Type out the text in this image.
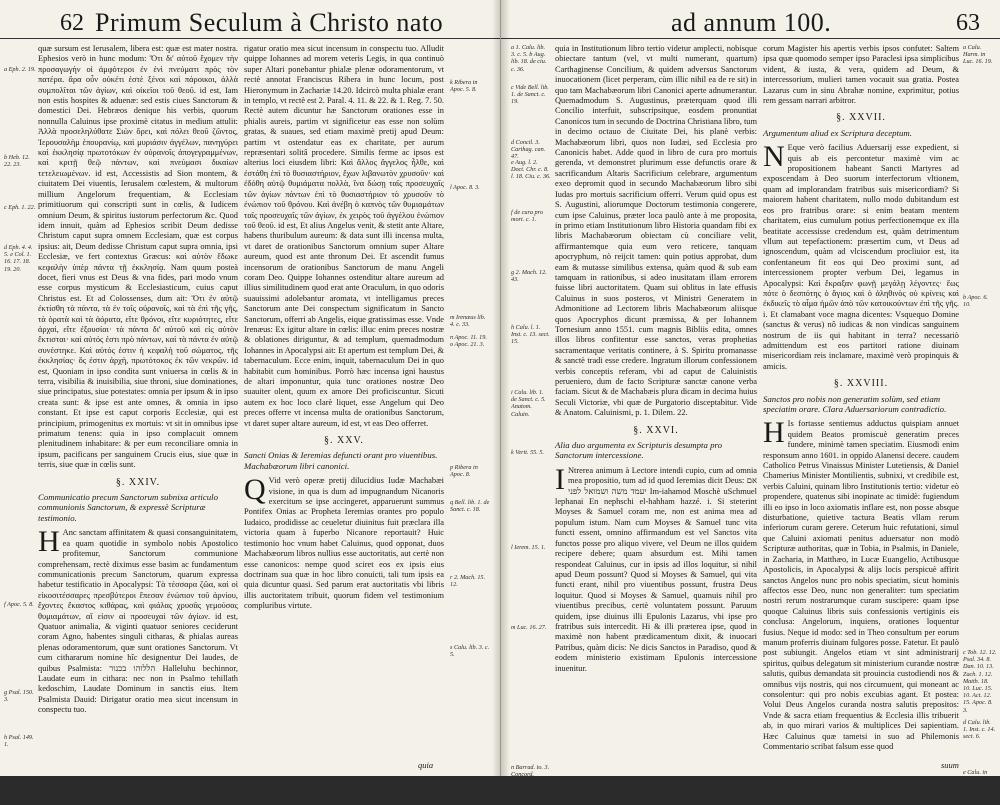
62 Primum Seculum à Christo nato
a Eph. 2. 19.
b Heb. 12. 22. 23.
c Eph. 1. 22.
d Eph. 4. 4. 5. e Col. 1. 16. 17. 18. 19. 20.
f Apoc. 5. 8.
g Psal. 150. 3.
h Psal. 149. 1.
i Psal. 141. 2.

quæ sursum est Ierusalem, libera est: quæ est mater nostra. Ephesios verò in hunc modum: Ὅτι δι' αὐτοῦ ἔχομεν τὴν προσαγωγὴν οἱ ἀμφότεροι ἐν ἑνὶ πνεύματι πρὸς τὸν πατέρα. ἄρα οὖν οὐκέτι ἐστὲ ξένοι καὶ πάροικοι, ἀλλὰ συμπολῖται τῶν ἁγίων, καὶ οἰκεῖοι τοῦ θεοῦ. id est, Iam non estis hospites & aduenæ: sed estis ciues Sanctorum & domestici Dei. Hebræos denique his verbis, quorum nonnulla Caluinus ipse proximè citatus in medium attulit: Ἀλλὰ προσεληλύθατε Σιὼν ὄρει, καὶ πόλει θεοῦ ζῶντος, Ἱερουσαλὴμ ἐπουρανίῳ, καὶ μυριάσιν ἀγγέλων, πανηγύρει καὶ ἐκκλησίᾳ πρωτοτόκων ἐν οὐρανοῖς ἀπογεγραμμένων, καὶ κριτῇ θεῷ πάντων, καὶ πνεύμασι δικαίων τετελειωμένων. id est, Accessistis ad Sion montem, & ciuitatem Dei viuentis, Ierusalem cœlestem, & multorum millium Angelorum frequentiam, & Ecclesiam primitiuorum qui conscripti sunt in cœlis, & Iudicem omnium Deum, & spiritus iustorum perfectorum &c. Quod idem innuit, quàm ad Ephesios scribit Deum dedisse Christum caput supra omnem Ecclesiam, quæ est corpus ipsius: ait, Deum dedisse Christum caput supra omnia, ipsi Ecclesiæ, ve fert contextus Græcus: καὶ αὐτὸν ἔδωκε κεφαλὴν ὑπὲρ πάντα τῇ ἐκκλησίᾳ. Nam quum posteà docet, fieri vnus est Deus & vna fides, pari modo vnum esse corpus mysticum & Ecclesiasticum, cuius caput Christus est. Et ad Colossenses, dum ait: Ὅτι ἐν αὐτῷ ἐκτίσθη τὰ πάντα, τὰ ἐν τοῖς οὐρανοῖς, καὶ τὰ ἐπὶ τῆς γῆς, τὰ ὁρατὰ καὶ τὰ ἀόρατα, εἴτε θρόνοι, εἴτε κυριότητες, εἴτε ἀρχαὶ, εἴτε ἐξουσίαι· τὰ πάντα δι' αὐτοῦ καὶ εἰς αὐτὸν ἔκτισται· καὶ αὐτός ἐστι πρὸ πάντων, καὶ τὰ πάντα ἐν αὐτῷ συνέστηκε. Καὶ αὐτός ἐστιν ἡ κεφαλὴ τοῦ σώματος, τῆς ἐκκλησίας· ὅς ἐστιν ἀρχὴ, πρωτότοκος ἐκ τῶν νεκρῶν. id est, Quoniam in ipso condita sunt vniuersa in cœlis & in terra, visibilia & inuisibilia, siue throni, siue dominationes, siue principatus, siue potestates: omnia per ipsum & in ipso creata sunt: & ipse est ante omnes, & omnia in ipso constant. Et ipse est caput corporis Ecclesiæ, qui est principium, primogenitus ex mortuis: vt sit in omnibus ipse primatum tenens: quia in ipso complacuit omnem plenitudinem inhabitare: & per eum reconciliare omnia in ipsum, pacificans per sanguinem Crucis eius, siue quæ in terris, siue quæ in cœlis sunt.

§. XXIV.
Communicatio precum Sanctorum subnixa articulo communionis Sanctorum, & expressè Scripturæ testimonio.

H Anc sanctam affinitatem & quasi consanguinitatem, ea quam quotidie in symbolo nobis Apostolico profitemur, Sanctorum communione comprehensam, rectè diximus esse basim ac fundamentum communicationis precum Sanctorum, quarum expressa habetur testificatio in Apocalypsi: Τὰ τέσσαρα ζῶα, καὶ οἱ εἰκοσιτέσσαρες πρεσβύτεροι ἔπεσαν ἐνώπιον τοῦ ἀρνίου, ἔχοντες ἕκαστος κιθάρας, καὶ φιάλας χρυσᾶς γεμούσας θυμιαμάτων, αἵ εἰσιν αἱ προσευχαὶ τῶν ἁγίων. id est, Quatuor animalia, & viginti quatuor seniores ceciderunt coram Agno, habentes singuli citharas, & phialas aureas plenas odoramentorum, quæ sunt orationes Sanctorum. Vt cum cithararum nomine hîc designentur Dei laudes, de quibus Psalmista: הללוהו בכנור Halleluhu bechinnor, Laudate eum in cithara: nec non in Psalmo tehillath kedoschim, Laudate Dominum in sanctis eius. Item Psalmista Dauid: Dirigatur oratio mea sicut incensum in conspectu tuo.

rigatur oratio mea sicut incensum in conspectu tuo. Alludit quippe Iohannes ad morem veteris Legis, in qua continuò super Altari ponebantur phialæ plenæ odoramentorum, vt rectè annotat Franciscus Ribera in hunc locum, post Hieronymum in Zachariæ 14.20. Idcircò multa phialæ erant in templo, vt rectè est 2. Paral. 4. 11. & 22. & 1. Reg. 7. 50. Rectè autem dicuntur hæ Sanctorum orationes esse in phialis aureis, partim vt significetur eas esse non solùm gratas, & suaues, sed etiam maximè pretij apud Deum: partim vt ostendatur eas ex charitate, per aurum repræsentari solitâ procedere. Similis ferme ac ipsos est alterius loci eiusdem libri: Καὶ ἄλλος ἄγγελος ἦλθε, καὶ ἐστάθη ἐπὶ τὸ θυσιαστήριον, ἔχων λιβανωτὸν χρυσοῦν· καὶ ἐδόθη αὐτῷ θυμιάματα πολλὰ, ἵνα δώσῃ ταῖς προσευχαῖς τῶν ἁγίων πάντων ἐπὶ τὸ θυσιαστήριον τὸ χρυσοῦν τὸ ἐνώπιον τοῦ θρόνου. Καὶ ἀνέβη ὁ καπνὸς τῶν θυμιαμάτων ταῖς προσευχαῖς τῶν ἁγίων, ἐκ χειρὸς τοῦ ἀγγέλου ἐνώπιον τοῦ θεοῦ. id est, Et alius Angelus venit, & stetit ante Altare, habens thuribulum aureum: & data sunt illi incensa multa, vt daret de orationibus Sanctorum omnium super Altare aureum, quod est ante thronum Dei. Et ascendit fumus incensorum de orationibus Sanctorum de manu Angeli coram Deo. Quippe Iohannes ostenditur altare aureum ad illius similitudinem quod erat ante Oraculum, in quo odoris suauissimi adolebantur aromata, vt intelligamus preces Sanctorum ante Dei conspectum significatum in Sancto Sanctorum, offerri ab Angelis, eique gratissimas esse. Vnde Irenæus: Ex igitur altare in cœlis: illuc enim preces nostræ & oblationes diriguntur, & ad templum, quemadmodum Iohannes in Apocalypsi ait: Et apertum est templum Dei, & tabernaculum. Ecce enim, inquit, tabernaculum Dei in quo habitabit cum hominibus. Porrò hæc incensa igni haustus de altari imponuntur, quia tunc orationes nostræ Deo suauiter olent, quum ex amore Dei proficiscuntur. Sicuti autem ex hoc loco clarè liquet, esse Angelum qui Deo preces offerre vt incensa multa de orationibus Sanctorum, vt daret super altare aureum, id est, vt eas Deo offerret.

§. XXV.
Sancti Onias & Ieremias defuncti orant pro viuentibus. Machabæorum libri canonici.

Q Vid verò operæ pretij dilucidius Iudæ Machabæi visione, in qua is dum ad impugnandum Nicanoris exercitum se ipse accingeret, apparuerunt summus Pontifex Onias ac Propheta Ieremias orantes pro populo Iudaico, prodidisse ac ceueletur diuinitus fuit præclara illa victoria quam à fuperbo Nicanore reportauit? Huic testimonio hoc vnum habet Caluinus, quod opponat, duos Machabæorum libros nullius esse auctoritatis, aut certè non esse canonicos: nempe quod sciret eos ex ipsis eius doctrinam sua quæ in hoc libro conuicti, tali tum ipsis ea quia dicuntur quasi. Sed parum erat auctoritatis vbi libris illis auctoritatem tribuit, quorum fidem vel testimonium compluribus virtute.

k Ribera in Apoc. 5. 8.
l Apoc. 8. 3.
m Irenæus lib. 4. c. 33.
n Apoc. 11. 19. o Apoc. 21. 3.
p Ribera in Apoc. 8.
q Bell. lib. 1. de Sanct. c. 18.
r 2. Mach. 15. 12.
s Calu. lib. 3. c. 5.
quia
ad annum 100.	63
a 1. Calu. lib. 3. c. 5. b Aug. lib. 18. de ciu. c. 36.
c Vide Bell. lib. 1. de Sanct. c. 19.
d Concil. 3. Carthag. can. 47.
e Aug. l. 2. Doct. Chr. c. 8. l. 18. Ciu. c. 36.
f de cura pro mort. c. 1.
g 2. Mach. 12. 43.
h Calu. l. 1. Inst. c. 13. sect. 15.
i Calu. lib. 1. de Sanct. c. 5. Anatom. Caluin.
k Verit. 55. 5.
l Ierem. 15. 1.
m Luc. 16. 27.
n Barrad. to. 3. Concord. Euang. l. 4. c. 9.

quia in Institutionum libro tertio videtur amplecti, nobisque obiectare tantum (vel, vt multi numerant, quartum) Carthaginense Concilium, & quidem adversus Sanctorum inuocationem (licet perperam, cùm illic nihil ea de re sit) in quo tam Machabæorum libri Canonici aperte adnumerantur. Quemadmodum S. Augustinus, præterquam quod illi Concilio interfuit, subscripsitque, eosdem pronuntiat Canonicos tum in secundo de Doctrina Christiana libro, tum in decimo octauo de Ciuitate Dei, his planè verbis: Machabæorum libri, quos non Iudæi, sed Ecclesia pro Canonicis habet. Adde quod in libro de cura pro mortuis gerenda, vt demonstret plurimum esse defunctis orare & sacrificandum Altaris Sacrificium celebrare, argumentum exeo depromit quod in secundo Machabæorum libro sibi Iudas pro mortuis sacrificium offerri. Verum quid opus est S. Augustini, aliorumque Doctorum testimonia congerere, cum ipse Caluinus, præter loca paulò ante à me proposita, in primo etiam Institutionum libro Historia quandam fibi ex libris Machabæorum obiectam cù conciliare velit, affirmantemque quia eum vero reticere, tanquam apocryphum, nò reijcit tamen: quin potius approbat, dum eam & mutasse similibus extensa, quàm quod & sub eam tamquam in rationibus, si adeo inusitatam illam errorem fuisse libri auctoritatem. Quam sui oblitus in late effusis Caluinus in suos posteros, vt Ministri Generatem in Admonitione ad Lectorem libris Machabæorum aliisque quos Apocryphos dicunt præmissa, & per Iohannem Tornesium anno 1551. cum magnis Bibliis edita, omnes illos libros confitentur esse sanctos, veras prophetias sacramentaque veritatis continere, à S. Spiritu promanasse & sanctè tradi esse credere. Ingratum illorum confessionem verbis conceptis referam, vbi ad caput de Caluinistis perueniero, dum de facto Scripturæ sanctæ canone verba faciam. Sicut & de Machabæis plura dicam in decima huius Seculi Victoriæ, vbi quæ de Purgatorio disceptabitur. Vide & Anatom. Caluinismi, p. 1. Dilem. 22.

§. XXVI.
Alia duo argumenta ex Scripturis desumpta pro Sanctorum intercessione.

I Ntrerea animum à Lectore intendi cupio, cum ad omnia mea propositio, tum ad id quod Ieremias dicit Deus: אם יעמד משה ושמואל לפני Im-iahamod Moschè uSchmuel lephanai En nephschi el-hahham hazzé. i. Si steterint Moyses & Samuel coram me, non est anima mea ad populum istum. Nam cum Moyses & Samuel tunc vita functi essent, omnino affirmandum est vel Sanctos vita functos posse pro aliquo vivere, vel Deum ne illos quidem recipere debere; quam absurdum est. Mihi tamen respondeat Caluinus, cur in ipsis ad illos loquitur, si nihil apud Deum possunt? Quod si Moyses & Samuel, qui vita functi erant, nihil pro viuentibus possunt, frustra Deus loquitur. Quod si Moyses & Samuel, quamuis nihil pro viuentibus precibus, certè voluntatem possunt. Paruum quidem, ipse diuinus illi Epulonis Lazarus, vbi ipse pro fratribus suis intercedit. Hi & illi præterea ipse, quod in maximè non habent prædicamentum dixit, & inuocari Patribus, quàm dicis: Ne dicis Sanctos in Paradiso, quod & eodem ministerio existimam Epulonis intercessione inuenitur.

corum Magister his apertis verbis ipsos confutet: Saltem ipsa quæ quomodo semper ipso Paraclesi ipsa simplicibus vident, & iusta, & vera, quidem ad Deum, & intercessorium, mulieri tamen vocauit sua gratia. Postea Lazarus cum in sinu Abrahæ nomine, exprimitur, potius rem gessam narrari arbitror.

§. XXVII.
Argumentum aliud ex Scriptura deceptum.

N Eque verò facilius Aduersarij esse expedient, si quis ab eis percontetur maximè vim ac propositionem habeant Sancti Martyres ad exposcendam à Deo suorum interfectorum vltionem, quam ad implorandam fratribus suis misericordiam? Si maiorem habent charitatem, nullo modo dubitandum est eos pro fratribus orare: si enim beatam mentem charitatem, eius cumulum potius perfectionemque ex illa beatitate accessisse credendum est, quàm detrimentum vllum aut tepefactionem: præsertim cum, vt Deus ad ignoscendum, quàm ad vlciscendum procliuior est, ita confentaneum fit eos qui Deo proximi sunt, ad intercessionem propter verbum Dei, legamus in Apocalypsi: Καὶ ἔκραξαν φωνῇ μεγάλῃ λέγοντες· ἕως πότε ὁ δεσπότης ὁ ἅγιος καὶ ὁ ἀληθινὸς οὐ κρίνεις καὶ ἐκδικεῖς τὸ αἷμα ἡμῶν ἀπὸ τῶν κατοικούντων ἐπὶ τῆς γῆς. i. Et clamabant voce magna dicentes: Vsquequo Domine (sanctus & verus) nô iudicas & non vindicas sanguinem nostrum de iis qui habitant in terra? necessariò admittendum est eos partitori ratione diuinam misericordiam reis inclamare, maximè verò propinquis & amicis.

§. XXVIII.
Sanctos pro nobis non generatim solùm, sed etiam speciatim orare. Clara Aduersariorum contradictio.

H Is fortasse sentiemus adductus quispiam annuet quidem Beatos promiscuè generatim preces fundere, minimè tamen speciatim. Eiusmodi enim responsum anno 1601. in oppido Alanensi decere. caudem Catholico Petrus Vinaissus Minister Lutetiensis, & Daniel Chamerius Minister Montilientis, subnixi, vt credibile est, verbis Caluini, quinam libro Institutionis tertio: videtur eò propendere, quatenus sibi inopinate ac timidè: fugiendum illi eo ipso in loco axiomatis inflare est, non posse absque disturbatione, quietive tactura Beatis vllam rerum inferiorum curam gerere. Ceterum huic refutationi, simul que Caluini axiomati penitus aduersatur non modò Scripturæ authoritas, quæ in Tobia, in Psalmis, in Daniele, in Zacharia, in Matthæo, in Lucæ Euangelio, Actibusque Apostolicis, in Apocalypsi & alijs locis perspicuè affirit sanctos Angelos nunc pro nobis speciatim, sicut hominis affectos esse Deo, nunc non generaliter: tum speciatim nostri rerum nostrarumque curam suscipere: quam ipse quoque Caluinus libris suis confessionis vertiginis eis conclusa: Angelorum, inquiens, orationes loquentur fusius. Neque id modo: sed in Theo consultum per eorum manum proferris diuinam fulgores posse. Fatetur. Et paulò post subiungit. Angelos etiam vt sint administrarij spiritus, quibus delegatum sit ministerium curandæ nostræ salutis, quibus demandata sit prouincia custodiendi nos & omnibus vijs nostris, qui nos circumuent, qui moneant ac consolentur: qui pro nobis excubias agant. Et postea: Volui Deus Angelos curanda nostra salutis prepositos: Vnde & sacra etiam frequentius & Ecclesia illis tribuerit ab, in quo mirari varios & multiplices Dei sapientiam. Hæc Caluinus quæ tametsi in suo ad Philemonis Commentario scribat falsum esse quod

a Calu. Harm. in Luc. 16. 19.
b Apoc. 6. 10.
c Tob. 12. 12. Psal. 34. 8. Dan. 10. 13. Zach. 1. 12. Matth. 18. 10. Luc. 15. 10. Act. 12. 15. Apoc. 8. 3.
d Calu. lib. 1. Inst. c. 14. sect. 6.
e Calu. in illud Philem. 22. f Quorum Antiquis laudat.
suum
